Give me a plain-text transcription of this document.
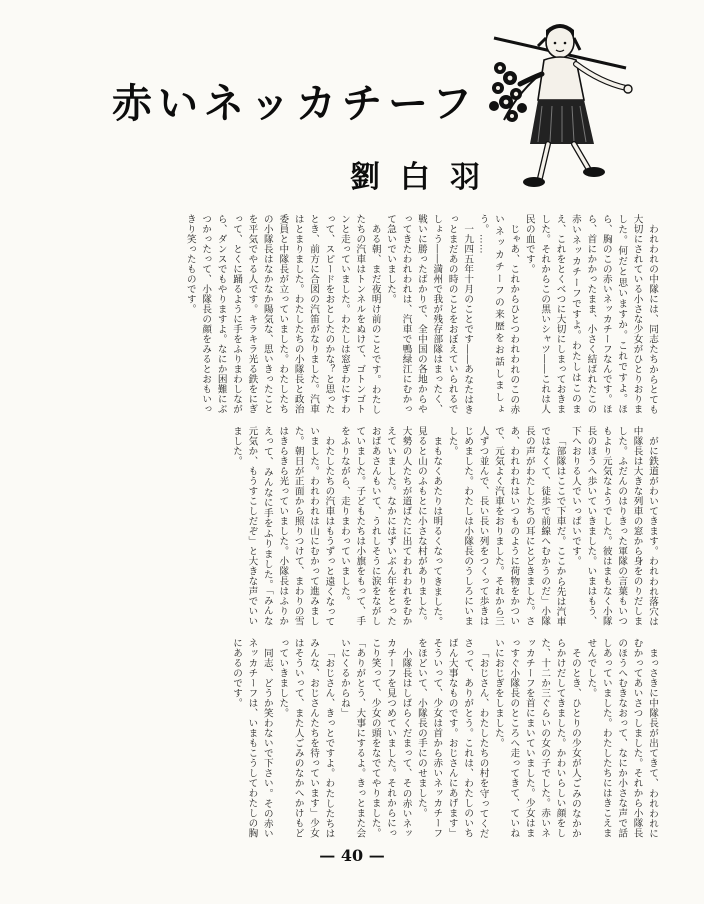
赤いネッカチーフ
劉白羽

われわれの中隊には、同志たちからとても大切にされている小さな少女がひとりおりました。何だと思いますか。これですよ。ほら、胸のこの赤いネッカチーフなんです。ほら、首にかかったまま、小さく結ばれたこの赤いネッカチーフですよ。わたしはこのまえ、これをとくべつに大切にしまっておきました。それからこの黒いシャツ――これは人民の血です。

じゃあ、これからひとつわれわれのこの赤いネッカチーフの来歴をお話しましょう。……

一九四五年十月のことです――あなたはきっとまだあの時のことをおぼえていられるでしょう――満州で我が残存部隊はまったく、戦いに勝ったばかりで、全中国の各地からやってきたわれわれは、汽車で鴨緑江にむかって急いでいました。

ある朝、まだ夜明け前のことです。わたしたちの汽車はトンネルをぬけて、ゴトンゴトンと走っていました。わたしは窓ぎわにすわって、スピードをおとしたのかな？と思ったとき、前方に合図の汽笛がなりました。汽車はとまりました。わたしたちの小隊長と政治委員と中隊長が立っていました。わたしたちの小隊長はなかなか陽気な、思いきったことを平気でやる人です。キラキラ光る鉄をにぎって、とくに踊るように手をふりまわしながら、ダンスでもやりますよ。なにか困難にぶつかったって、小隊長の顔をみるとおもいっきり笑ったものです。

がに鉄道がわいてきます。われわれ落穴は中隊長は大きな列車の窓から身をのりだしました。ふだんのはりきった軍隊の言葉もいつもより元気なようでした。彼はまもなく小隊長のほうへ歩いていきました。いまはもう、下へおりる人でいっぱいです。

「部隊はここで下車だ。ここから先は汽車ではなくて、徒歩で前線へむかうのだ」小隊長の声がわたしたちの耳にとどきました。さあ、われわれはいつものように荷物をかついで、元気よく汽車をおりました。それから三人ずつ並んで、長い長い列をつくって歩きはじめました。わたしは小隊長のうしろにいました。

まもなくあたりは明るくなってきました。見ると山のふもとに小さな村がありました。大勢の人たちが道ばたに出てわれわれをむかえていました。なかにはずいぶん年をとったおばあさんもいて、うれしそうに涙をながしていました。子どもたちは小旗をもって、手をふりながら、走りまわっていました。

わたしたちの汽車はもうずっと遠くなっていました。われわれは山にむかって進みました。朝日が正面から照りつけて、まわりの雪はきらきら光っていました。小隊長はふりかえって、みんなに手をふりました。「みんな元気か、もうすこしだぞ」と大きな声でいいました。

まっさきに中隊長が出てきて、われわれにむかってあいさつしました。それから小隊長のほうへむきなおって、なにか小さな声で話しあっていました。わたしたちにはきこえませんでした。

そのとき、ひとりの少女が人ごみのなかからかけだしてきました。かわいらしい顔をした、十二か三ぐらいの女の子でした。赤いネッカチーフを首にまいていました。少女はまっすぐ小隊長のところへ走ってきて、ていねいにおじぎをしました。

「おじさん、わたしたちの村を守ってくださって、ありがとう。これは、わたしのいちばん大事なものです。おじさんにあげます」そういって、少女は首から赤いネッカチーフをほどいて、小隊長の手にのせました。

小隊長はしばらくだまって、その赤いネッカチーフを見つめていました。それからにっこり笑って、少女の頭をなでてやりました。「ありがとう、大事にするよ。きっとまた会いにくるからね」

「おじさん、きっとですよ。わたしたちはみんな、おじさんたちを待っています」少女はそういって、また人ごみのなかへかけもどっていきました。

同志、どうか笑わないで下さい。その赤いネッカチーフは、いまもこうしてわたしの胸にあるのです。

— 40 —
